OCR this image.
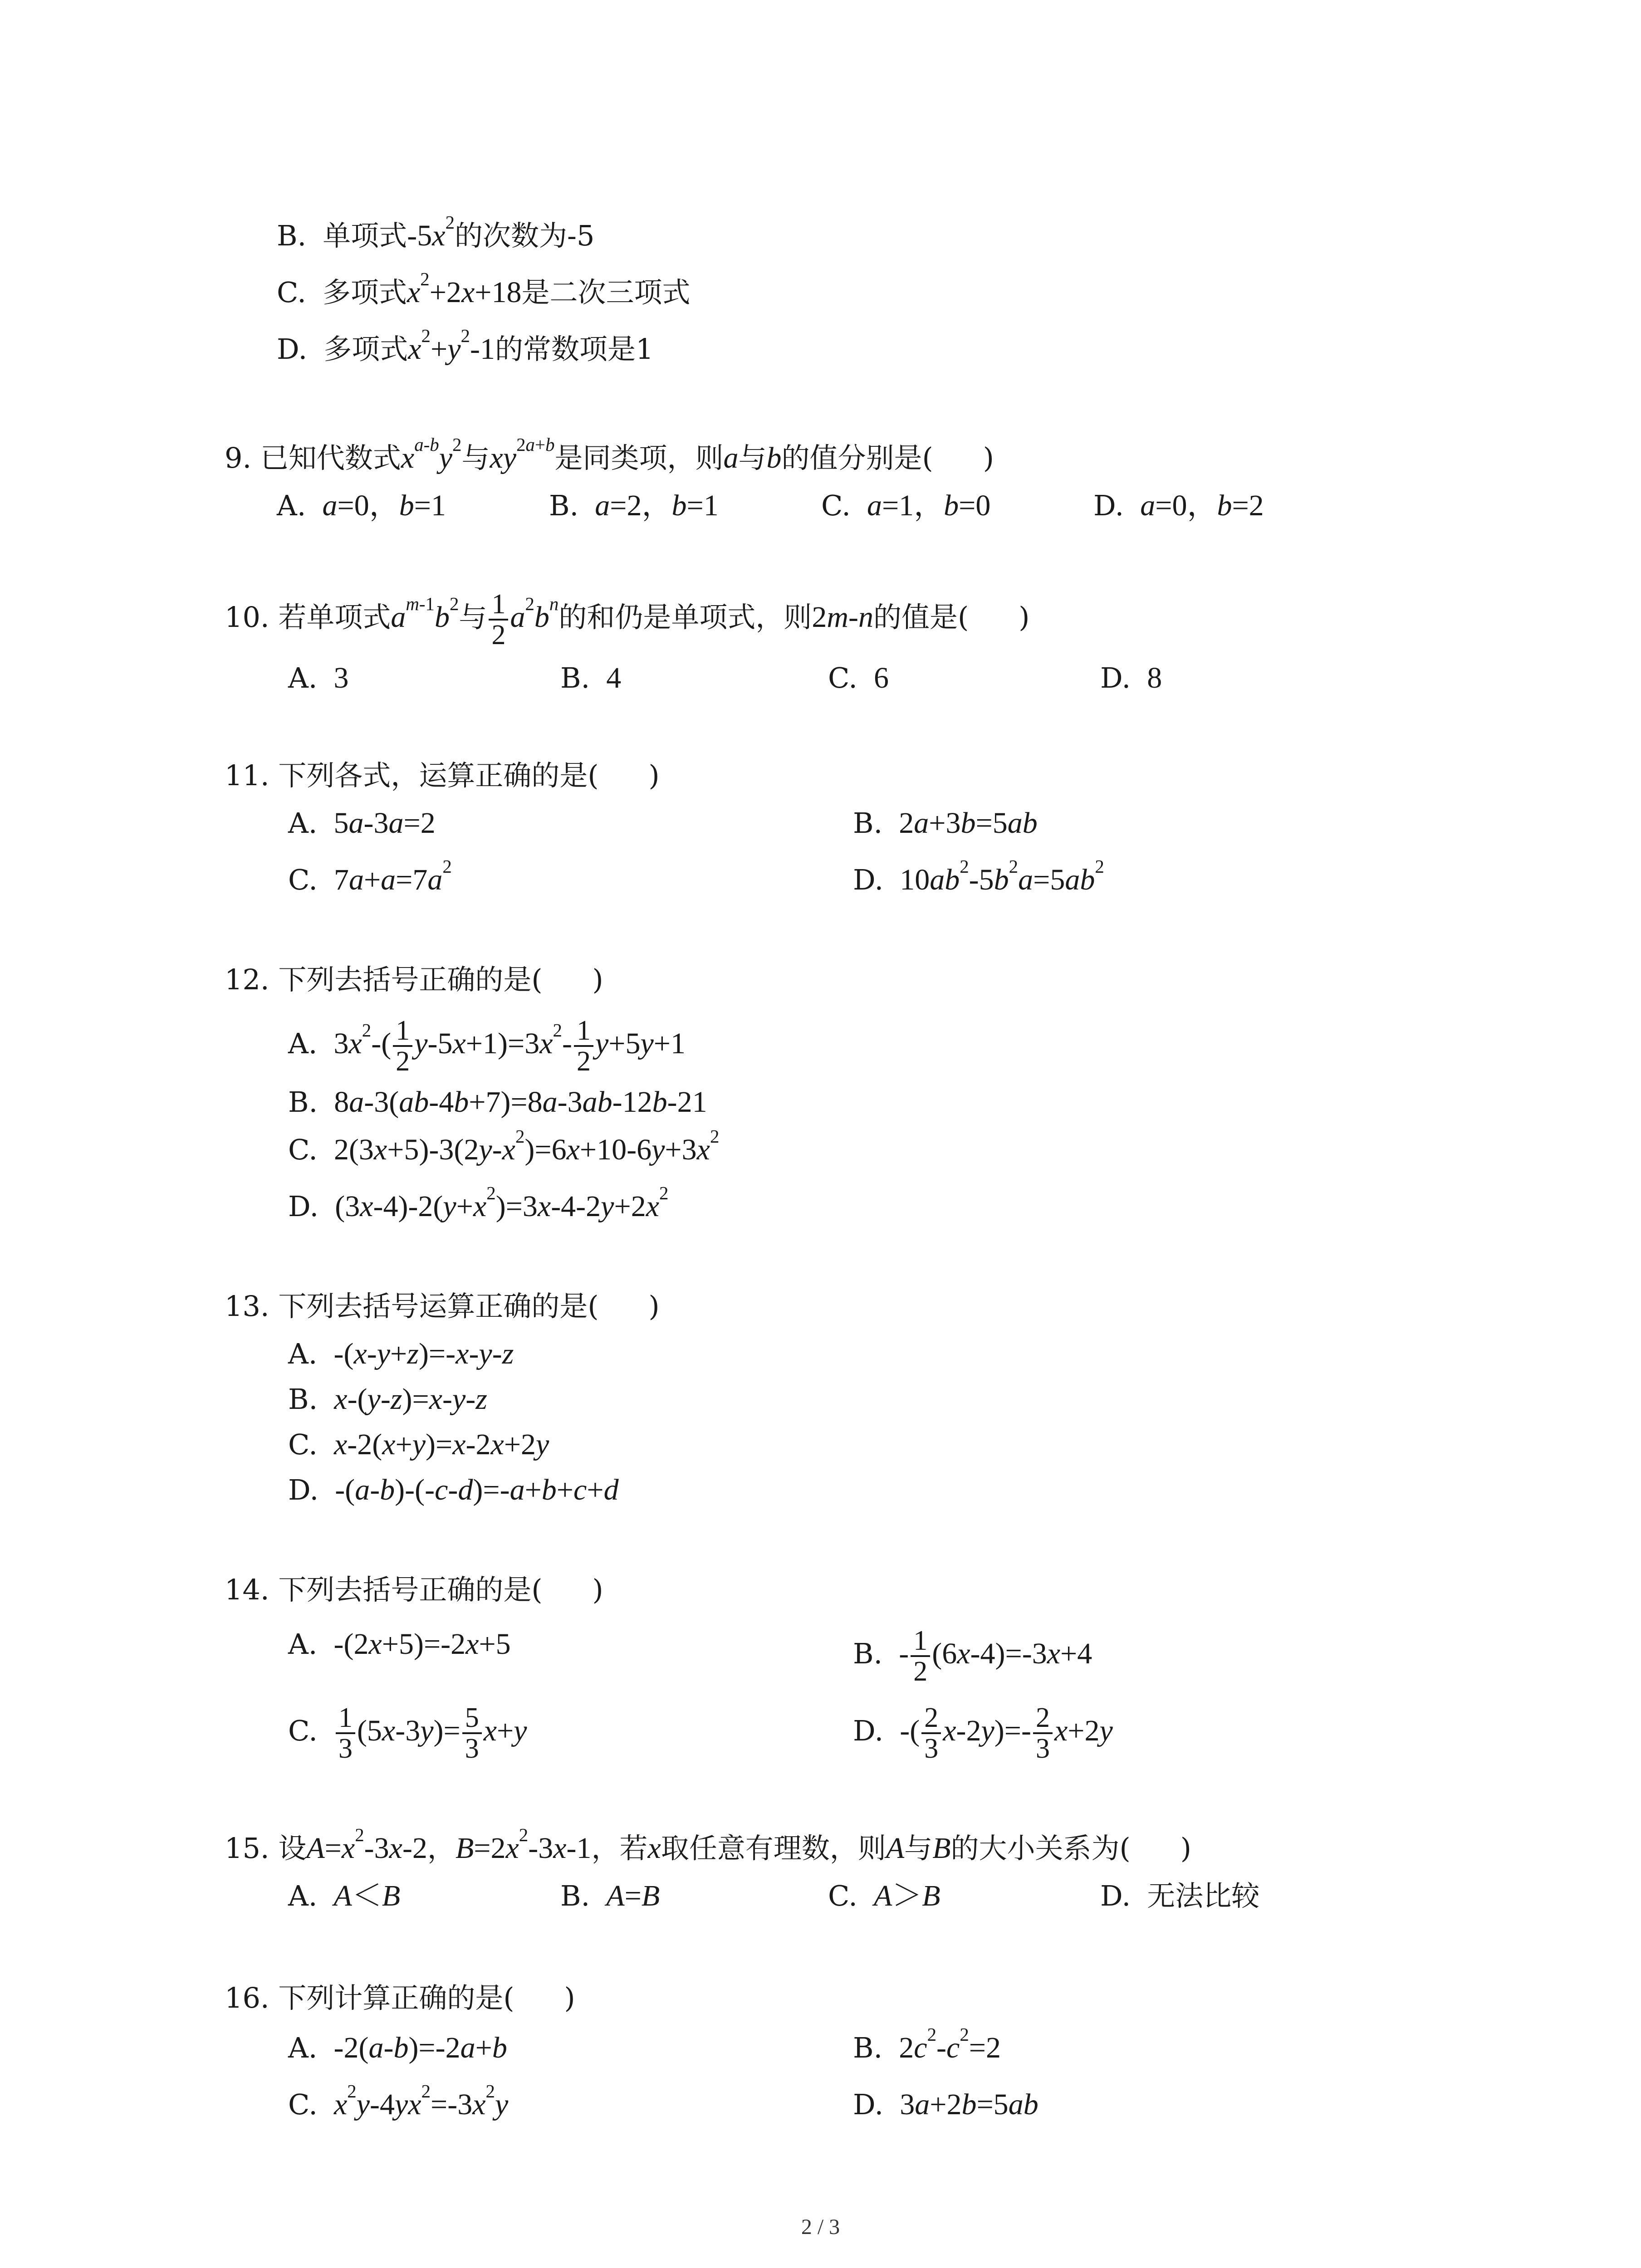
B. 单项式$-5x^2$的次数为-5
C. 多项式$x^2+2x+18$是二次三项式
D. 多项式$x^2+y^2-1$的常数项是1
9. 已知代数式$x^{a-b}y^2$与$xy^{2a+b}$是同类项，则a与b的值分别是( )
A. a=0，b=1	B. a=2，b=1	C. a=1，b=0	D. a=0，b=2
10. 若单项式$a^{m-1}b^2$与 $\frac{1}{2} a^2b^n$的和仍是单项式，则2m-n的值是( )
A. 3	B. 4	C. 6	D. 8
11. 下列各式，运算正确的是( )
A. 5a-3a=2	B. 2a+3b=5ab
C. $7a+a=7a^2$	D. $10ab^2-5b^2a=5ab^2$
12. 下列去括号正确的是( )
A. $3x^2-( \frac{1}{2} y-5x+1)=3x^2- \frac{1}{2} y+5y+1$
B. 8a-3(ab-4b+7)=8a-3ab-12b-21
C. $2(3x+5)-3(2y-x^2)=6x+10-6y+3x^2$
D. $(3x-4)-2(y+x^2)=3x-4-2y+2x^2$
13. 下列去括号运算正确的是( )
A. -(x-y+z)=-x-y-z
B. x-(y-z)=x-y-z
C. x-2(x+y)=x-2x+2y
D. -(a-b)-(-c-d)=-a+b+c+d
14. 下列去括号正确的是( )
A. -(2x+5)=-2x+5	B. - $\frac{1}{2} (6x-4)=-3x+4$
C. $\frac{1}{3} (5x-3y)= \frac{5}{3} x+y$	D. -( $\frac{2}{3} x-2y)=- \frac{2}{3} x+2y$
15. 设$A=x^2-3x-2$，$B=2x^2-3x-1$，若x取任意有理数，则A与B的大小关系为( )
A. A＜B	B. A=B	C. A＞B	D. 无法比较
16. 下列计算正确的是( )
A. -2(a-b)=-2a+b	B. $2c^2-c^2=2$
C. $x^2y-4yx^2=-3x^2y$	D. 3a+2b=5ab
2 / 3
